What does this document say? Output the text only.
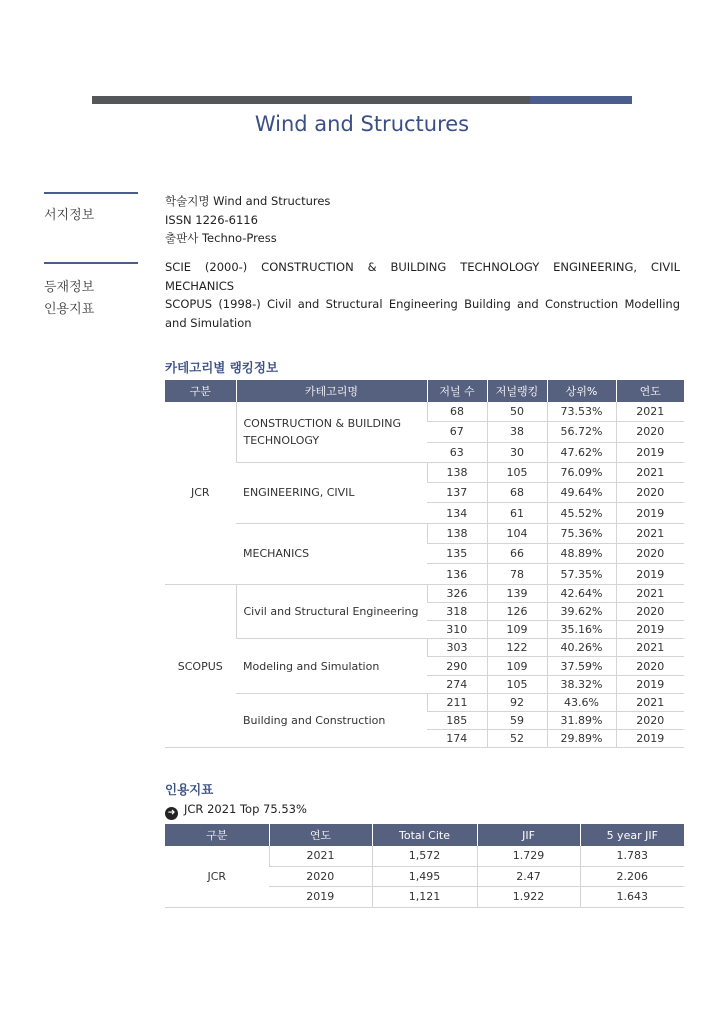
Wind and Structures
서지정보
학술지명 Wind and Structures
ISSN 1226-6116
출판사 Techno-Press
등재정보
인용지표
SCIE (2000-) CONSTRUCTION & BUILDING TECHNOLOGY ENGINEERING, CIVIL MECHANICS
SCOPUS (1998-) Civil and Structural Engineering Building and Construction Modelling and Simulation
카테고리별 랭킹정보
구분	카테고리명	저널 수	저널랭킹	상위%	연도
JCR	CONSTRUCTION & BUILDING TECHNOLOGY	68	50	73.53%	2021
		67	38	56.72%	2020
		63	30	47.62%	2019
	ENGINEERING, CIVIL	138	105	76.09%	2021
		137	68	49.64%	2020
		134	61	45.52%	2019
	MECHANICS	138	104	75.36%	2021
		135	66	48.89%	2020
		136	78	57.35%	2019
SCOPUS	Civil and Structural Engineering	326	139	42.64%	2021
		318	126	39.62%	2020
		310	109	35.16%	2019
	Modeling and Simulation	303	122	40.26%	2021
		290	109	37.59%	2020
		274	105	38.32%	2019
	Building and Construction	211	92	43.6%	2021
		185	59	31.89%	2020
		174	52	29.89%	2019
인용지표
➜ JCR 2021 Top 75.53%
구분	연도	Total Cite	JIF	5 year JIF
JCR	2021	1,572	1.729	1.783
	2020	1,495	2.47	2.206
	2019	1,121	1.922	1.643
